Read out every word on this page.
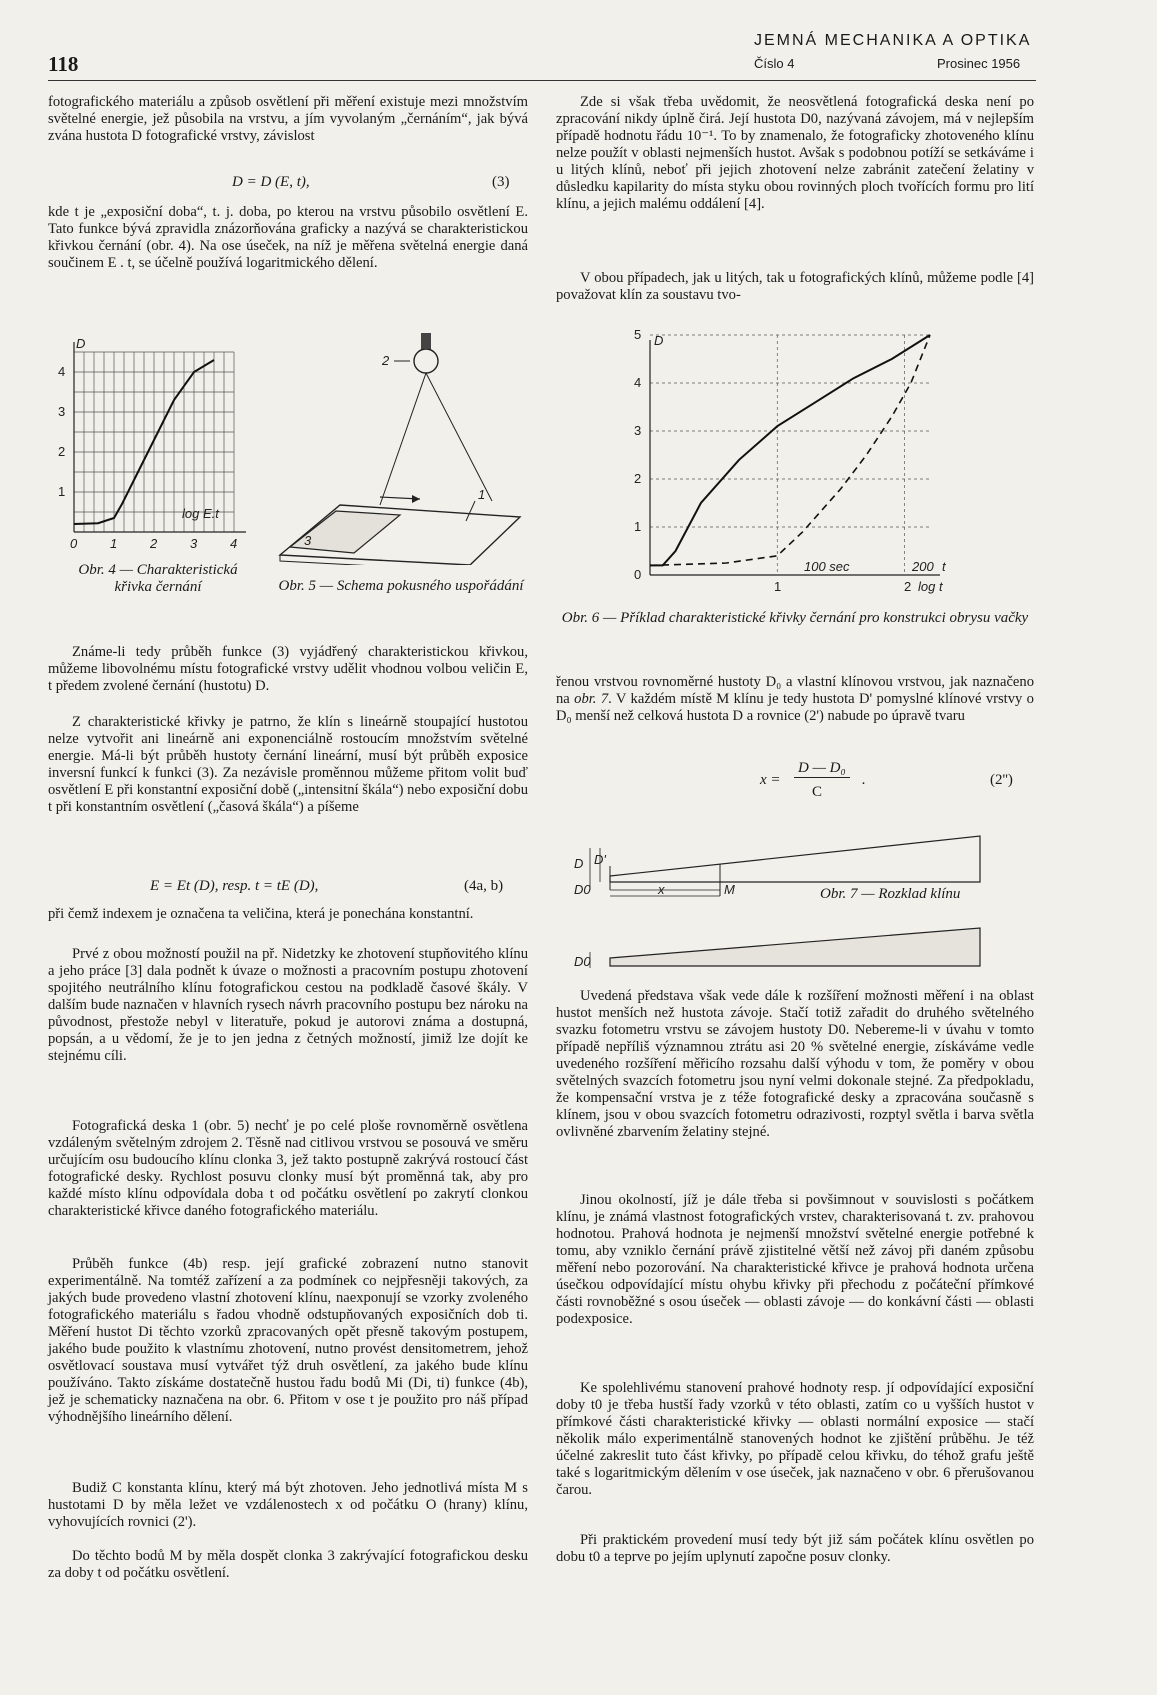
118
JEMNÁ MECHANIKA A OPTIKA
Číslo 4	Prosinec 1956

fotografického materiálu a způsob osvětlení při měření existuje mezi množstvím světelné energie, jež působila na vrstvu, a jím vyvolaným „černáním“, jak bývá zvána hustota D fotografické vrstvy, závislost

D = D (E, t),	(3)

kde t je „exposiční doba“, t. j. doba, po kterou na vrstvu působilo osvětlení E. Tato funkce bývá zpravidla znázorňována graficky a nazývá se charakteristickou křivkou černání (obr. 4). Na ose úseček, na níž je měřena světelná energie daná součinem E . t, se účelně používá logaritmického dělení.

D
1
2
3
4
0	1	2	3	4
log E.t
Obr. 4 — Charakteristická křivka černání
2
3
1
Obr. 5 — Schema pokusného uspořádání

Známe-li tedy průběh funkce (3) vyjádřený charakteristickou křivkou, můžeme libovolnému místu fotografické vrstvy udělit vhodnou volbou veličin E, t předem zvolené černání (hustotu) D.

Z charakteristické křivky je patrno, že klín s lineárně stoupající hustotou nelze vytvořit ani lineárně ani exponenciálně rostoucím množstvím světelné energie. Má-li být průběh hustoty černání lineární, musí být průběh exposice inversní funkcí k funkci (3). Za nezávisle proměnnou můžeme přitom volit buď osvětlení E při konstantní exposiční době („intensitní škála“) nebo exposiční dobu t při konstantním osvětlení („časová škála“) a píšeme

E = Et (D), resp. t = tE (D),	(4a, b)

při čemž indexem je označena ta veličina, která je ponechána konstantní.

Prvé z obou možností použil na př. Nidetzky ke zhotovení stupňovitého klínu a jeho práce [3] dala podnět k úvaze o možnosti a pracovním postupu zhotovení spojitého neutrálního klínu fotografickou cestou na podkladě časové škály. V dalším bude naznačen v hlavních rysech návrh pracovního postupu bez nároku na původnost, přestože nebyl v literatuře, pokud je autorovi známa a dostupná, popsán, a u vědomí, že je to jen jedna z četných možností, jimiž lze dojít ke stejnému cíli.

Fotografická deska 1 (obr. 5) nechť je po celé ploše rovnoměrně osvětlena vzdáleným světelným zdrojem 2. Těsně nad citlivou vrstvou se posouvá ve směru určujícím osu budoucího klínu clonka 3, jež takto postupně zakrývá rostoucí část fotografické desky. Rychlost posuvu clonky musí být proměnná tak, aby pro každé místo klínu odpovídala doba t od počátku osvětlení po zakrytí clonkou charakteristické křivce daného fotografického materiálu.

Průběh funkce (4b) resp. její grafické zobrazení nutno stanovit experimentálně. Na tomtéž zařízení a za podmínek co nejpřesněji takových, za jakých bude provedeno vlastní zhotovení klínu, naexponují se vzorky zvoleného fotografického materiálu s řadou vhodně odstupňovaných exposičních dob ti. Měření hustot Di těchto vzorků zpracovaných opět přesně takovým postupem, jakého bude použito k vlastnímu zhotovení, nutno provést densitometrem, jehož osvětlovací soustava musí vytvářet týž druh osvětlení, za jakého bude klínu používáno. Takto získáme dostatečně hustou řadu bodů Mi (Di, ti) funkce (4b), jež je schematicky naznačena na obr. 6. Přitom v ose t je použito pro náš případ výhodnějšího lineárního dělení.

Budiž C konstanta klínu, který má být zhotoven. Jeho jednotlivá místa M s hustotami D by měla ležet ve vzdálenostech x od počátku O (hrany) klínu, vyhovujících rovnici (2').

Do těchto bodů M by měla dospět clonka 3 zakrývající fotografickou desku za doby t od počátku osvětlení.

Zde si však třeba uvědomit, že neosvětlená fotografická deska není po zpracování nikdy úplně čirá. Její hustota D0, nazývaná závojem, má v nejlepším případě hodnotu řádu 10⁻¹. To by znamenalo, že fotograficky zhotoveného klínu nelze použít v oblasti nejmenších hustot. Avšak s podobnou potíží se setkáváme i u litých klínů, neboť při jejich zhotovení nelze zabránit zatečení želatiny v důsledku kapilarity do místa styku obou rovinných ploch tvořících formu pro lití klínu, a jejich malému oddálení [4].

V obou případech, jak u litých, tak u fotografických klínů, můžeme podle [4] považovat klín za soustavu tvo-

D
0
1
2
3
4
5
100 sec	200 t
1	2 log t
Obr. 6 — Příklad charakteristické křivky černání pro konstrukci obrysu vačky

řenou vrstvou rovnoměrné hustoty D₀ a vlastní klínovou vrstvou, jak naznačeno na obr. 7. V každém místě M klínu je tedy hustota D' pomyslné klínové vrstvy o D₀ menší než celková hustota D a rovnice (2') nabude po úpravě tvaru

x =
D — D₀
C
.	(2'')
D D'
D0	x	M
D0
Obr. 7 — Rozklad klínu

Uvedená představa však vede dále k rozšíření možnosti měření i na oblast hustot menších než hustota závoje. Stačí totiž zařadit do druhého světelného svazku fotometru vrstvu se závojem hustoty D0. Nebereme-li v úvahu v tomto případě nepříliš významnou ztrátu asi 20 % světelné energie, získáváme vedle uvedeného rozšíření měřicího rozsahu další výhodu v tom, že poměry v obou světelných svazcích fotometru jsou nyní velmi dokonale stejné. Za předpokladu, že kompensační vrstva je z téže fotografické desky a zpracována současně s klínem, jsou v obou svazcích fotometru odrazivosti, rozptyl světla i barva světla ovlivněné zbarvením želatiny stejné.

Jinou okolností, jíž je dále třeba si povšimnout v souvislosti s počátkem klínu, je známá vlastnost fotografických vrstev, charakterisovaná t. zv. prahovou hodnotou. Prahová hodnota je nejmenší množství světelné energie potřebné k tomu, aby vzniklo černání právě zjistitelné větší než závoj při daném způsobu měření nebo pozorování. Na charakteristické křivce je prahová hodnota určena úsečkou odpovídající místu ohybu křivky při přechodu z počáteční přímkové části rovnoběžné s osou úseček — oblasti závoje — do konkávní části — oblasti podexposice.

Ke spolehlivému stanovení prahové hodnoty resp. jí odpovídající exposiční doby t0 je třeba hustší řady vzorků v této oblasti, zatím co u vyšších hustot v přímkové části charakteristické křivky — oblasti normální exposice — stačí několik málo experimentálně stanovených hodnot ke zjištění průběhu. Je též účelné zakreslit tuto část křivky, po případě celou křivku, do téhož grafu ještě také s logaritmickým dělením v ose úseček, jak naznačeno v obr. 6 přerušovanou čarou.

Při praktickém provedení musí tedy být již sám počátek klínu osvětlen po dobu t0 a teprve po jejím uplynutí započne posuv clonky.
